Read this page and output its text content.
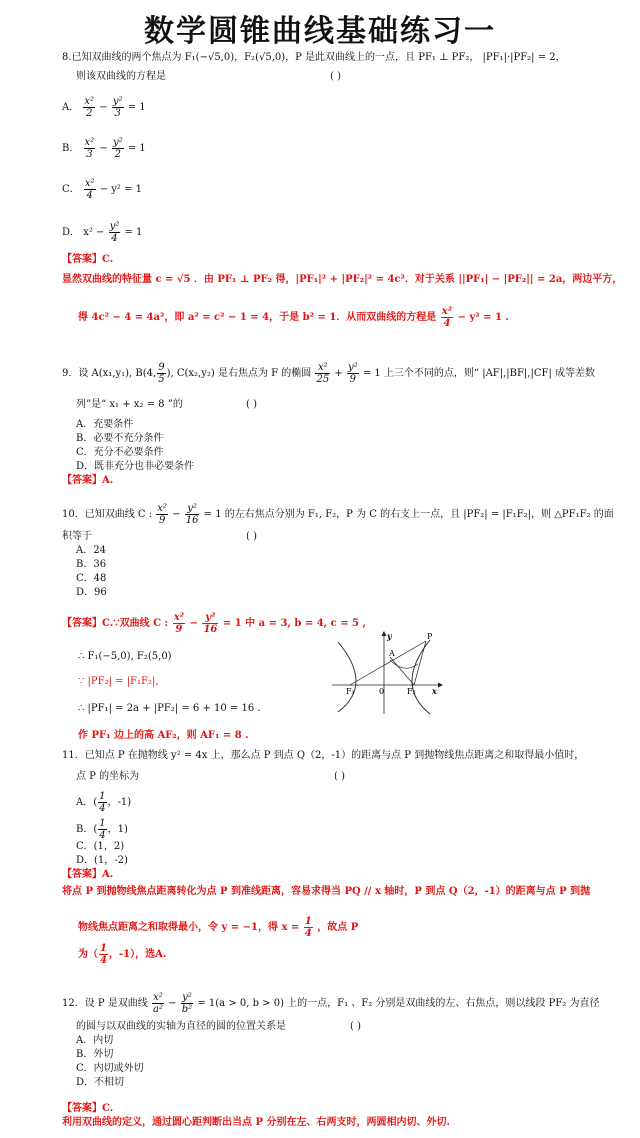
数学圆锥曲线基础练习一
8.已知双曲线的两个焦点为 F₁(−√5,0)，F₂(√5,0)，P 是此双曲线上的一点，且 PF₁ ⊥ PF₂， |PF₁|·|PF₂| = 2，
则该双曲线的方程是	( )
A． $\frac{\text{x²}}{2} - \frac{\text{y²}}{3} = 1$
B． $\frac{\text{x²}}{3} - \frac{\text{y²}}{2} = 1$
C． $\frac{\text{x²}}{4} - y^2 = 1$
D． $x^2 - \frac{\text{y²}}{4} = 1$
【答案】C.
显然双曲线的特征量 c = √5 ．由 PF₁ ⊥ PF₂ 得，|PF₁|² + |PF₂|² = 4c²．对于关系 ||PF₁| − |PF₂|| = 2a，两边平方，
得 4c² − 4 = 4a²，即 a² = c² − 1 = 4，于是 b² = 1．从而双曲线的方程是 $\frac{\text{x²}}{4} - y^2 = 1$ .
9．设 A(x₁,y₁), B(4, $\frac{9}{5}$ ), C(x₂,y₂) 是右焦点为 F 的椭圆 $\frac{\text{x²}}{25} + \frac{\text{y²}}{9} = 1$ 上三个不同的点，则“ |AF|,|BF|,|CF| 成等差数
列”是“ x₁ + x₂ = 8 ”的	( )
A．充要条件
B．必要不充分条件
C．充分不必要条件
D．既非充分也非必要条件
【答案】A.
10．已知双曲线 C : $\frac{\text{x²}}{9} - \frac{\text{y²}}{16} = 1$ 的左右焦点分别为 F₁, F₂，P 为 C 的右支上一点，且 |PF₂| = |F₁F₂|，则 △PF₁F₂ 的面
积等于	( )
A．24
B．36
C．48
D．96
【答案】C.∵双曲线 C : $\frac{\text{x²}}{9} - \frac{\text{y²}}{16} = 1$ 中 a = 3, b = 4, c = 5 ,
∴ F₁(−5,0), F₂(5,0)
∵ |PF₂| = |F₁F₂|,
∴ |PF₁| = 2a + |PF₂| = 6 + 10 = 16 .
作 PF₁ 边上的高 AF₂，则 AF₁ = 8 .
y
x
P
A
0
F₁	F₂
11．已知点 P 在抛物线 y² = 4x 上，那么点 P 到点 Q（2，-1）的距离与点 P 到抛物线焦点距离之和取得最小值时，
点 P 的坐标为	( )
A．( $\frac{1}{4}$ ，-1)
B．( $\frac{1}{4}$ ，1)
C．(1，2)
D．(1，-2)
【答案】A.
将点 P 到抛物线焦点距离转化为点 P 到准线距离，容易求得当 PQ // x 轴时，P 到点 Q（2，-1）的距离与点 P 到抛
物线焦点距离之和取得最小，令 y = −1，得 $x = \frac{1}{4}$ ，故点 P
为（ $\frac{1}{4}$ ，-1），选A.
12．设 P 是双曲线 $\frac{\text{x²}}{\text{a²}} - \frac{\text{y²}}{\text{b²}} = 1(a > 0$, b > 0) 上的一点，F₁ 、F₂ 分别是双曲线的左、右焦点，则以线段 PF₂ 为直径
的圆与以双曲线的实轴为直径的圆的位置关系是	( )
A．内切
B．外切
C．内切或外切
D．不相切
【答案】C.
利用双曲线的定义，通过圆心距判断出当点 P 分别在左、右两支时，两圆相内切、外切.
